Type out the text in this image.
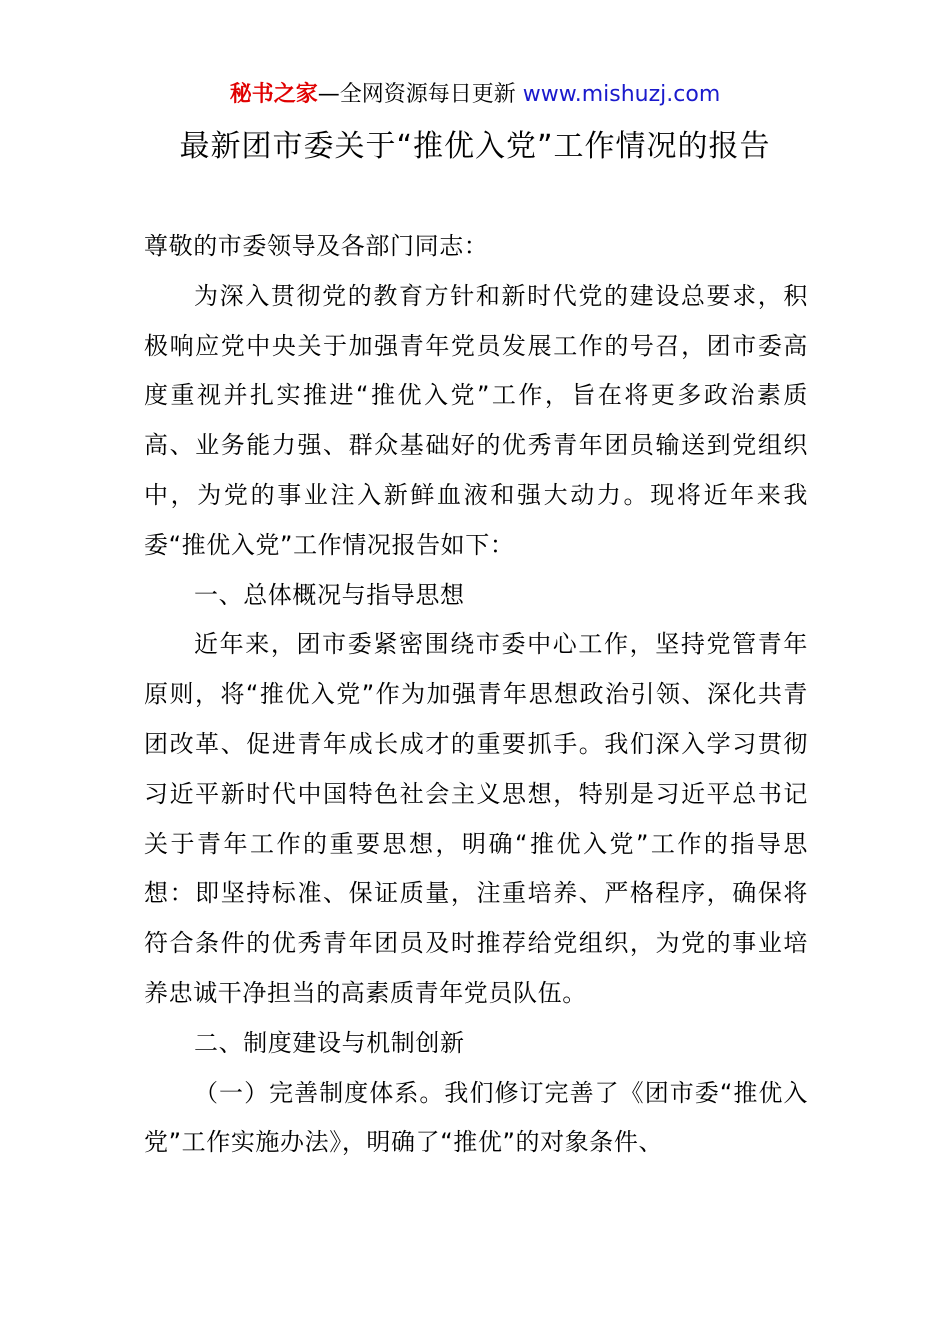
秘书之家—全网资源每日更新 www.mishuzj.com
最新团市委关于“推优入党”工作情况的报告

尊敬的市委领导及各部门同志：

为深入贯彻党的教育方针和新时代党的建设总要求，积极响应党中央关于加强青年党员发展工作的号召，团市委高度重视并扎实推进“推优入党”工作，旨在将更多政治素质高、业务能力强、群众基础好的优秀青年团员输送到党组织中，为党的事业注入新鲜血液和强大动力。现将近年来我委“推优入党”工作情况报告如下：

一、总体概况与指导思想

近年来，团市委紧密围绕市委中心工作，坚持党管青年原则，将“推优入党”作为加强青年思想政治引领、深化共青团改革、促进青年成长成才的重要抓手。我们深入学习贯彻习近平新时代中国特色社会主义思想，特别是习近平总书记关于青年工作的重要思想，明确“推优入党”工作的指导思想：即坚持标准、保证质量，注重培养、严格程序，确保将符合条件的优秀青年团员及时推荐给党组织，为党的事业培养忠诚干净担当的高素质青年党员队伍。

二、制度建设与机制创新

（一）完善制度体系。我们修订完善了《团市委“推优入党”工作实施办法》，明确了“推优”的对象条件、
